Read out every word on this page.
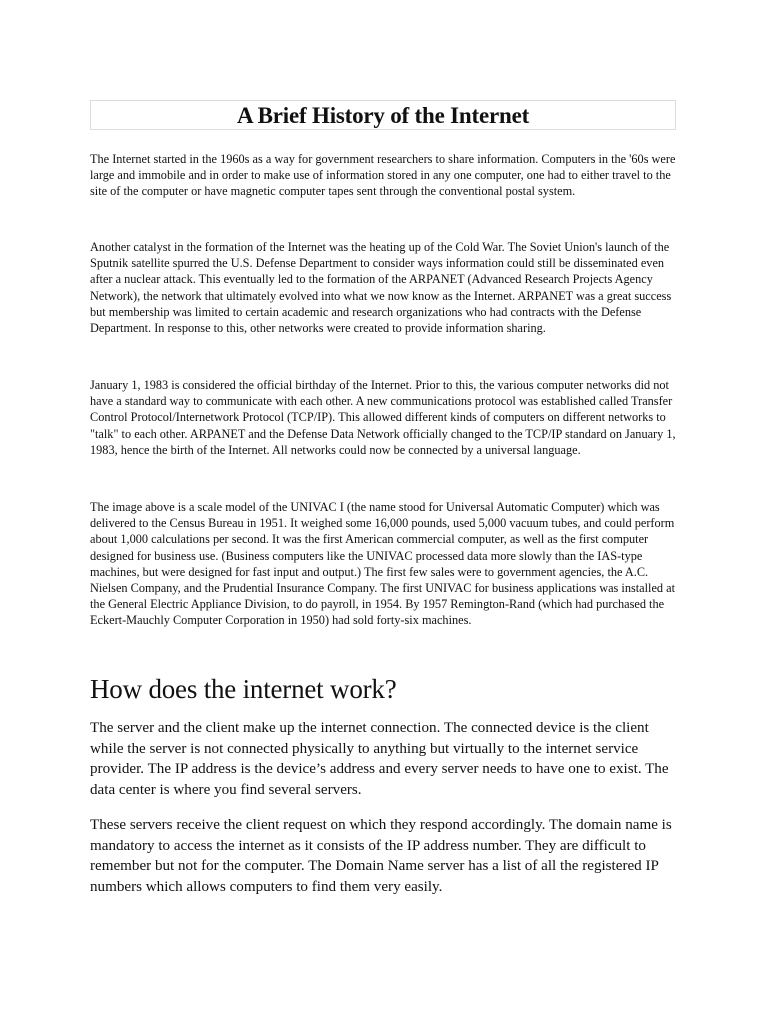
A Brief History of the Internet

The Internet started in the 1960s as a way for government researchers to share information. Computers in the '60s were large and immobile and in order to make use of information stored in any one computer, one had to either travel to the site of the computer or have magnetic computer tapes sent through the conventional postal system.

Another catalyst in the formation of the Internet was the heating up of the Cold War. The Soviet Union's launch of the Sputnik satellite spurred the U.S. Defense Department to consider ways information could still be disseminated even after a nuclear attack. This eventually led to the formation of the ARPANET (Advanced Research Projects Agency Network), the network that ultimately evolved into what we now know as the Internet. ARPANET was a great success but membership was limited to certain academic and research organizations who had contracts with the Defense Department. In response to this, other networks were created to provide information sharing.

January 1, 1983 is considered the official birthday of the Internet. Prior to this, the various computer networks did not have a standard way to communicate with each other. A new communications protocol was established called Transfer Control Protocol/Internetwork Protocol (TCP/IP). This allowed different kinds of computers on different networks to "talk" to each other. ARPANET and the Defense Data Network officially changed to the TCP/IP standard on January 1, 1983, hence the birth of the Internet. All networks could now be connected by a universal language.

The image above is a scale model of the UNIVAC I (the name stood for Universal Automatic Computer) which was delivered to the Census Bureau in 1951. It weighed some 16,000 pounds, used 5,000 vacuum tubes, and could perform about 1,000 calculations per second. It was the first American commercial computer, as well as the first computer designed for business use. (Business computers like the UNIVAC processed data more slowly than the IAS-type machines, but were designed for fast input and output.) The first few sales were to government agencies, the A.C. Nielsen Company, and the Prudential Insurance Company. The first UNIVAC for business applications was installed at the General Electric Appliance Division, to do payroll, in 1954. By 1957 Remington-Rand (which had purchased the Eckert-Mauchly Computer Corporation in 1950) had sold forty-six machines.

How does the internet work?

The server and the client make up the internet connection. The connected device is the client while the server is not connected physically to anything but virtually to the internet service provider. The IP address is the device’s address and every server needs to have one to exist. The data center is where you find several servers.

These servers receive the client request on which they respond accordingly. The domain name is mandatory to access the internet as it consists of the IP address number. They are difficult to remember but not for the computer. The Domain Name server has a list of all the registered IP numbers which allows computers to find them very easily.
